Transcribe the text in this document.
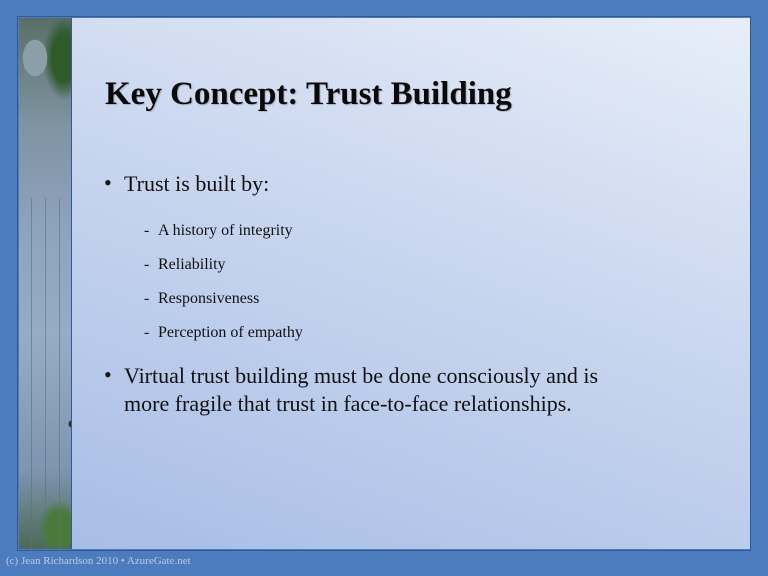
Key Concept: Trust Building
• Trust is built by:
- A history of integrity
- Reliability
- Responsiveness
- Perception of empathy
• Virtual trust building must be done consciously and is
more fragile that trust in face-to-face relationships.
(c) Jean Richardson 2010 • AzureGate.net
